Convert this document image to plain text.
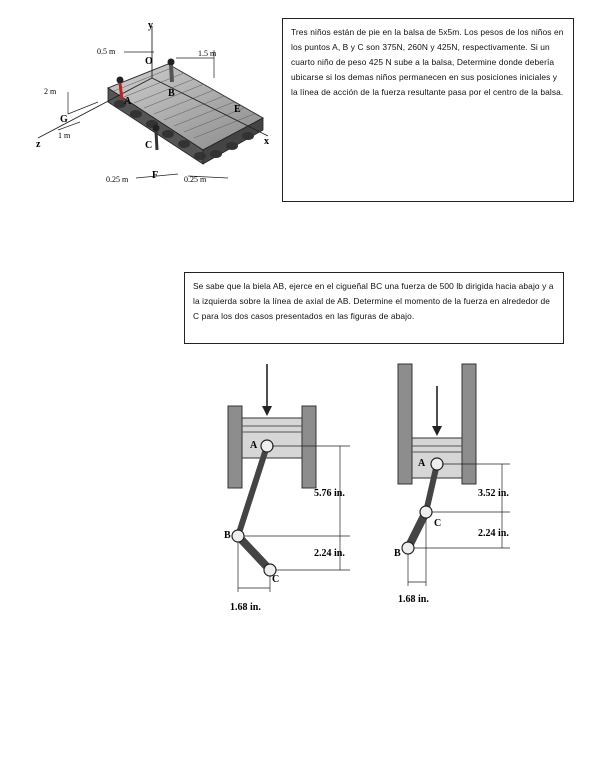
y
O
z	x
0.5 m	1.5 m
2 m
1 m
0.25 m	0.25 m
A
B
C
E
F
G

Tres niños están de pie en la balsa de 5x5m. Los pesos de los niños en los puntos A, B y C son 375N, 260N y 425N, respectivamente. Si un cuarto niño de peso 425 N sube a la balsa, Determine donde debería ubicarse si los demas niños permanecen en sus posiciones iniciales y la línea de acción de la fuerza resultante pasa por el centro de la balsa.

Se sabe que la biela AB, ejerce en el cigueñal BC una fuerza de 500 lb dirigida hacia abajo y a la izquierda sobre la línea de axial de AB. Determine el momento de la fuerza en alrededor de C para los dos casos presentados en las figuras de abajo.

5.76 in.
2.24 in.
1.68 in.
A
B
C
3.52 in.
2.24 in.
1.68 in.
A
C
B
